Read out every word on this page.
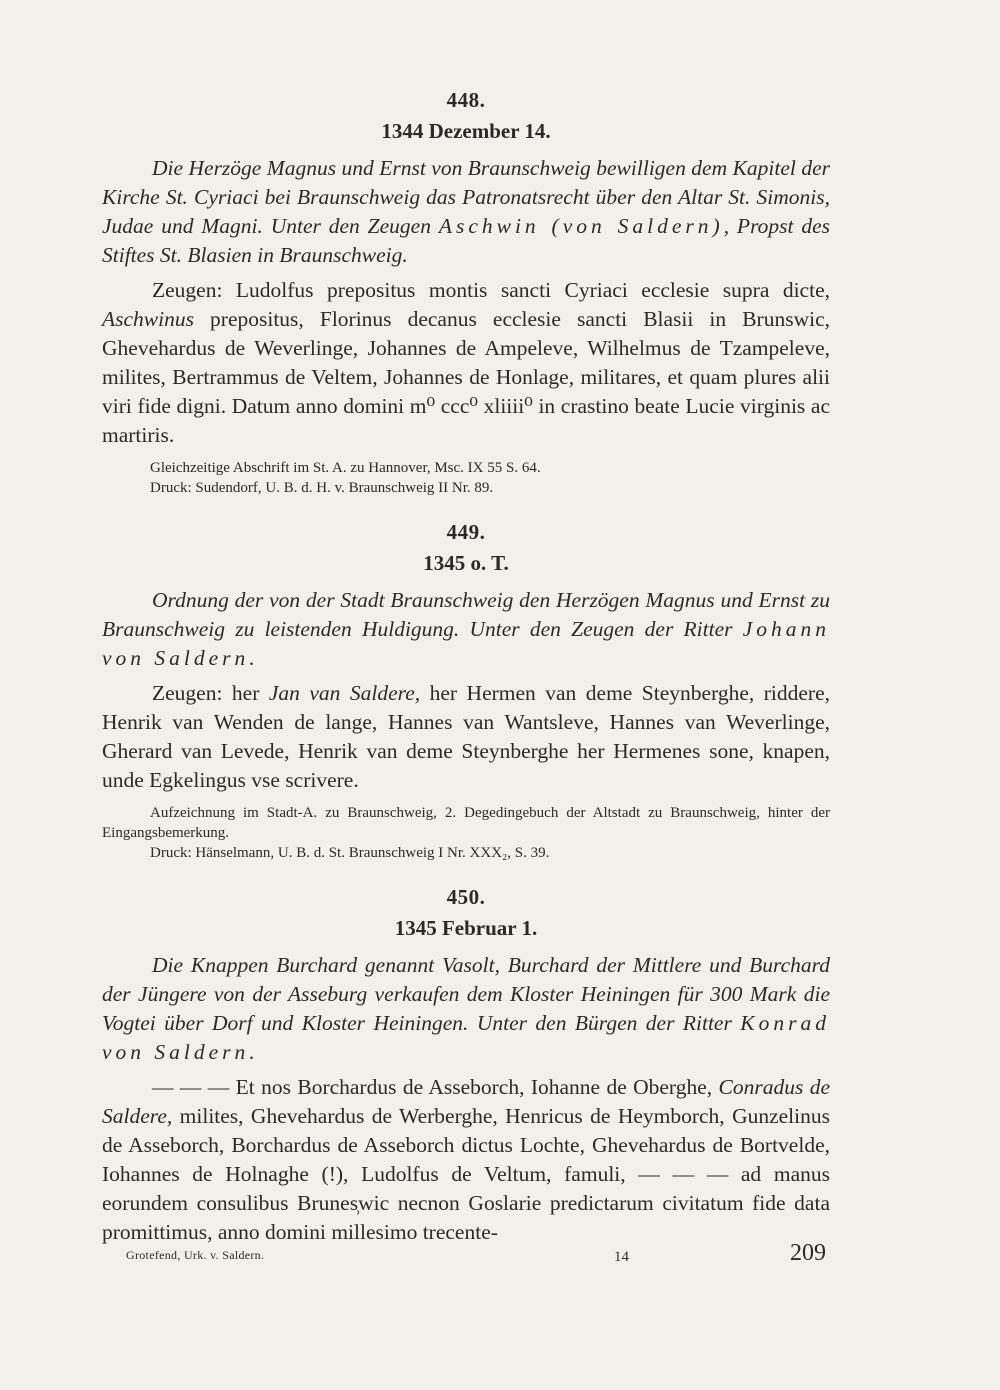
448.
1344 Dezember 14.

Die Herzöge Magnus und Ernst von Braunschweig bewilligen dem Kapitel der Kirche St. Cyriaci bei Braunschweig das Patronatsrecht über den Altar St. Simonis, Judae und Magni. Unter den Zeugen Aschwin (von Saldern), Propst des Stiftes St. Blasien in Braunschweig.

Zeugen: Ludolfus prepositus montis sancti Cyriaci ecclesie supra dicte, Aschwinus prepositus, Florinus decanus ecclesie sancti Blasii in Brunswic, Ghevehardus de Weverlinge, Johannes de Ampeleve, Wilhelmus de Tzampeleve, milites, Bertrammus de Veltem, Johannes de Honlage, militares, et quam plures alii viri fide digni. Datum anno domini m⁰ ccc⁰ xliiii⁰ in crastino beate Lucie virginis ac martiris.

Gleichzeitige Abschrift im St. A. zu Hannover, Msc. IX 55 S. 64.

Druck: Sudendorf, U. B. d. H. v. Braunschweig II Nr. 89.

449.
1345 o. T.

Ordnung der von der Stadt Braunschweig den Herzögen Magnus und Ernst zu Braunschweig zu leistenden Huldigung. Unter den Zeugen der Ritter Johann von Saldern.

Zeugen: her Jan van Saldere, her Hermen van deme Steynberghe, riddere, Henrik van Wenden de lange, Hannes van Wantsleve, Hannes van Weverlinge, Gherard van Levede, Henrik van deme Steynberghe her Hermenes sone, knapen, unde Egkelingus vse scrivere.

Aufzeichnung im Stadt-A. zu Braunschweig, 2. Degedingebuch der Altstadt zu Braunschweig, hinter der Eingangsbemerkung.

Druck: Hänselmann, U. B. d. St. Braunschweig I Nr. XXX₂, S. 39.

450.
1345 Februar 1.

Die Knappen Burchard genannt Vasolt, Burchard der Mittlere und Burchard der Jüngere von der Asseburg verkaufen dem Kloster Heiningen für 300 Mark die Vogtei über Dorf und Kloster Heiningen. Unter den Bürgen der Ritter Konrad von Saldern.

— — — Et nos Borchardus de Asseborch, Iohanne de Oberghe, Conradus de Saldere, milites, Ghevehardus de Werberghe, Henricus de Heymborch, Gunzelinus de Asseborch, Borchardus de Asseborch dictus Lochte, Ghevehardus de Bortvelde, Iohannes de Holnaghe (!), Ludolfus de Veltum, famuli, — — — ad manus eorundem consulibus Brunes̹wic necnon Goslarie predictarum civitatum fide data promittimus, anno domini millesimo trecente-

Grotefend, Urk. v. Saldern.	14	209
